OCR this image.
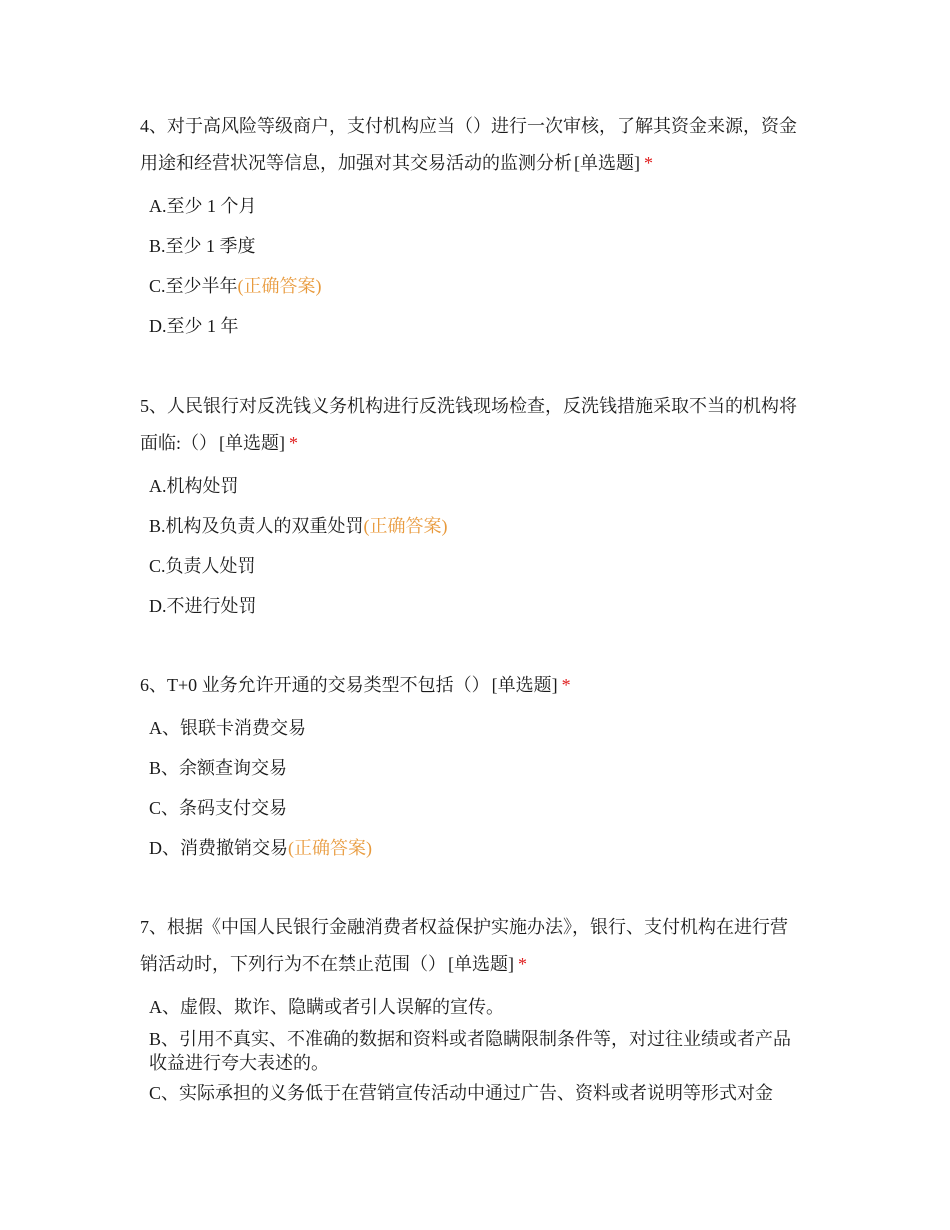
4、对于高风险等级商户，支付机构应当（）进行一次审核，了解其资金来源，资金用途和经营状况等信息，加强对其交易活动的监测分析 [单选题] *

A.至少 1 个月
B.至少 1 季度
C.至少半年(正确答案)
D.至少 1 年

5、人民银行对反洗钱义务机构进行反洗钱现场检查，反洗钱措施采取不当的机构将面临:（） [单选题] *

A.机构处罚
B.机构及负责人的双重处罚(正确答案)
C.负责人处罚
D.不进行处罚

6、T+0 业务允许开通的交易类型不包括（） [单选题] *

A、银联卡消费交易
B、余额查询交易
C、条码支付交易
D、消费撤销交易(正确答案)

7、根据《中国人民银行金融消费者权益保护实施办法》，银行、支付机构在进行营销活动时，下列行为不在禁止范围（） [单选题] *

A、虚假、欺诈、隐瞒或者引人误解的宣传。
B、引用不真实、不准确的数据和资料或者隐瞒限制条件等，对过往业绩或者产品收益进行夸大表述的。
C、实际承担的义务低于在营销宣传活动中通过广告、资料或者说明等形式对金
